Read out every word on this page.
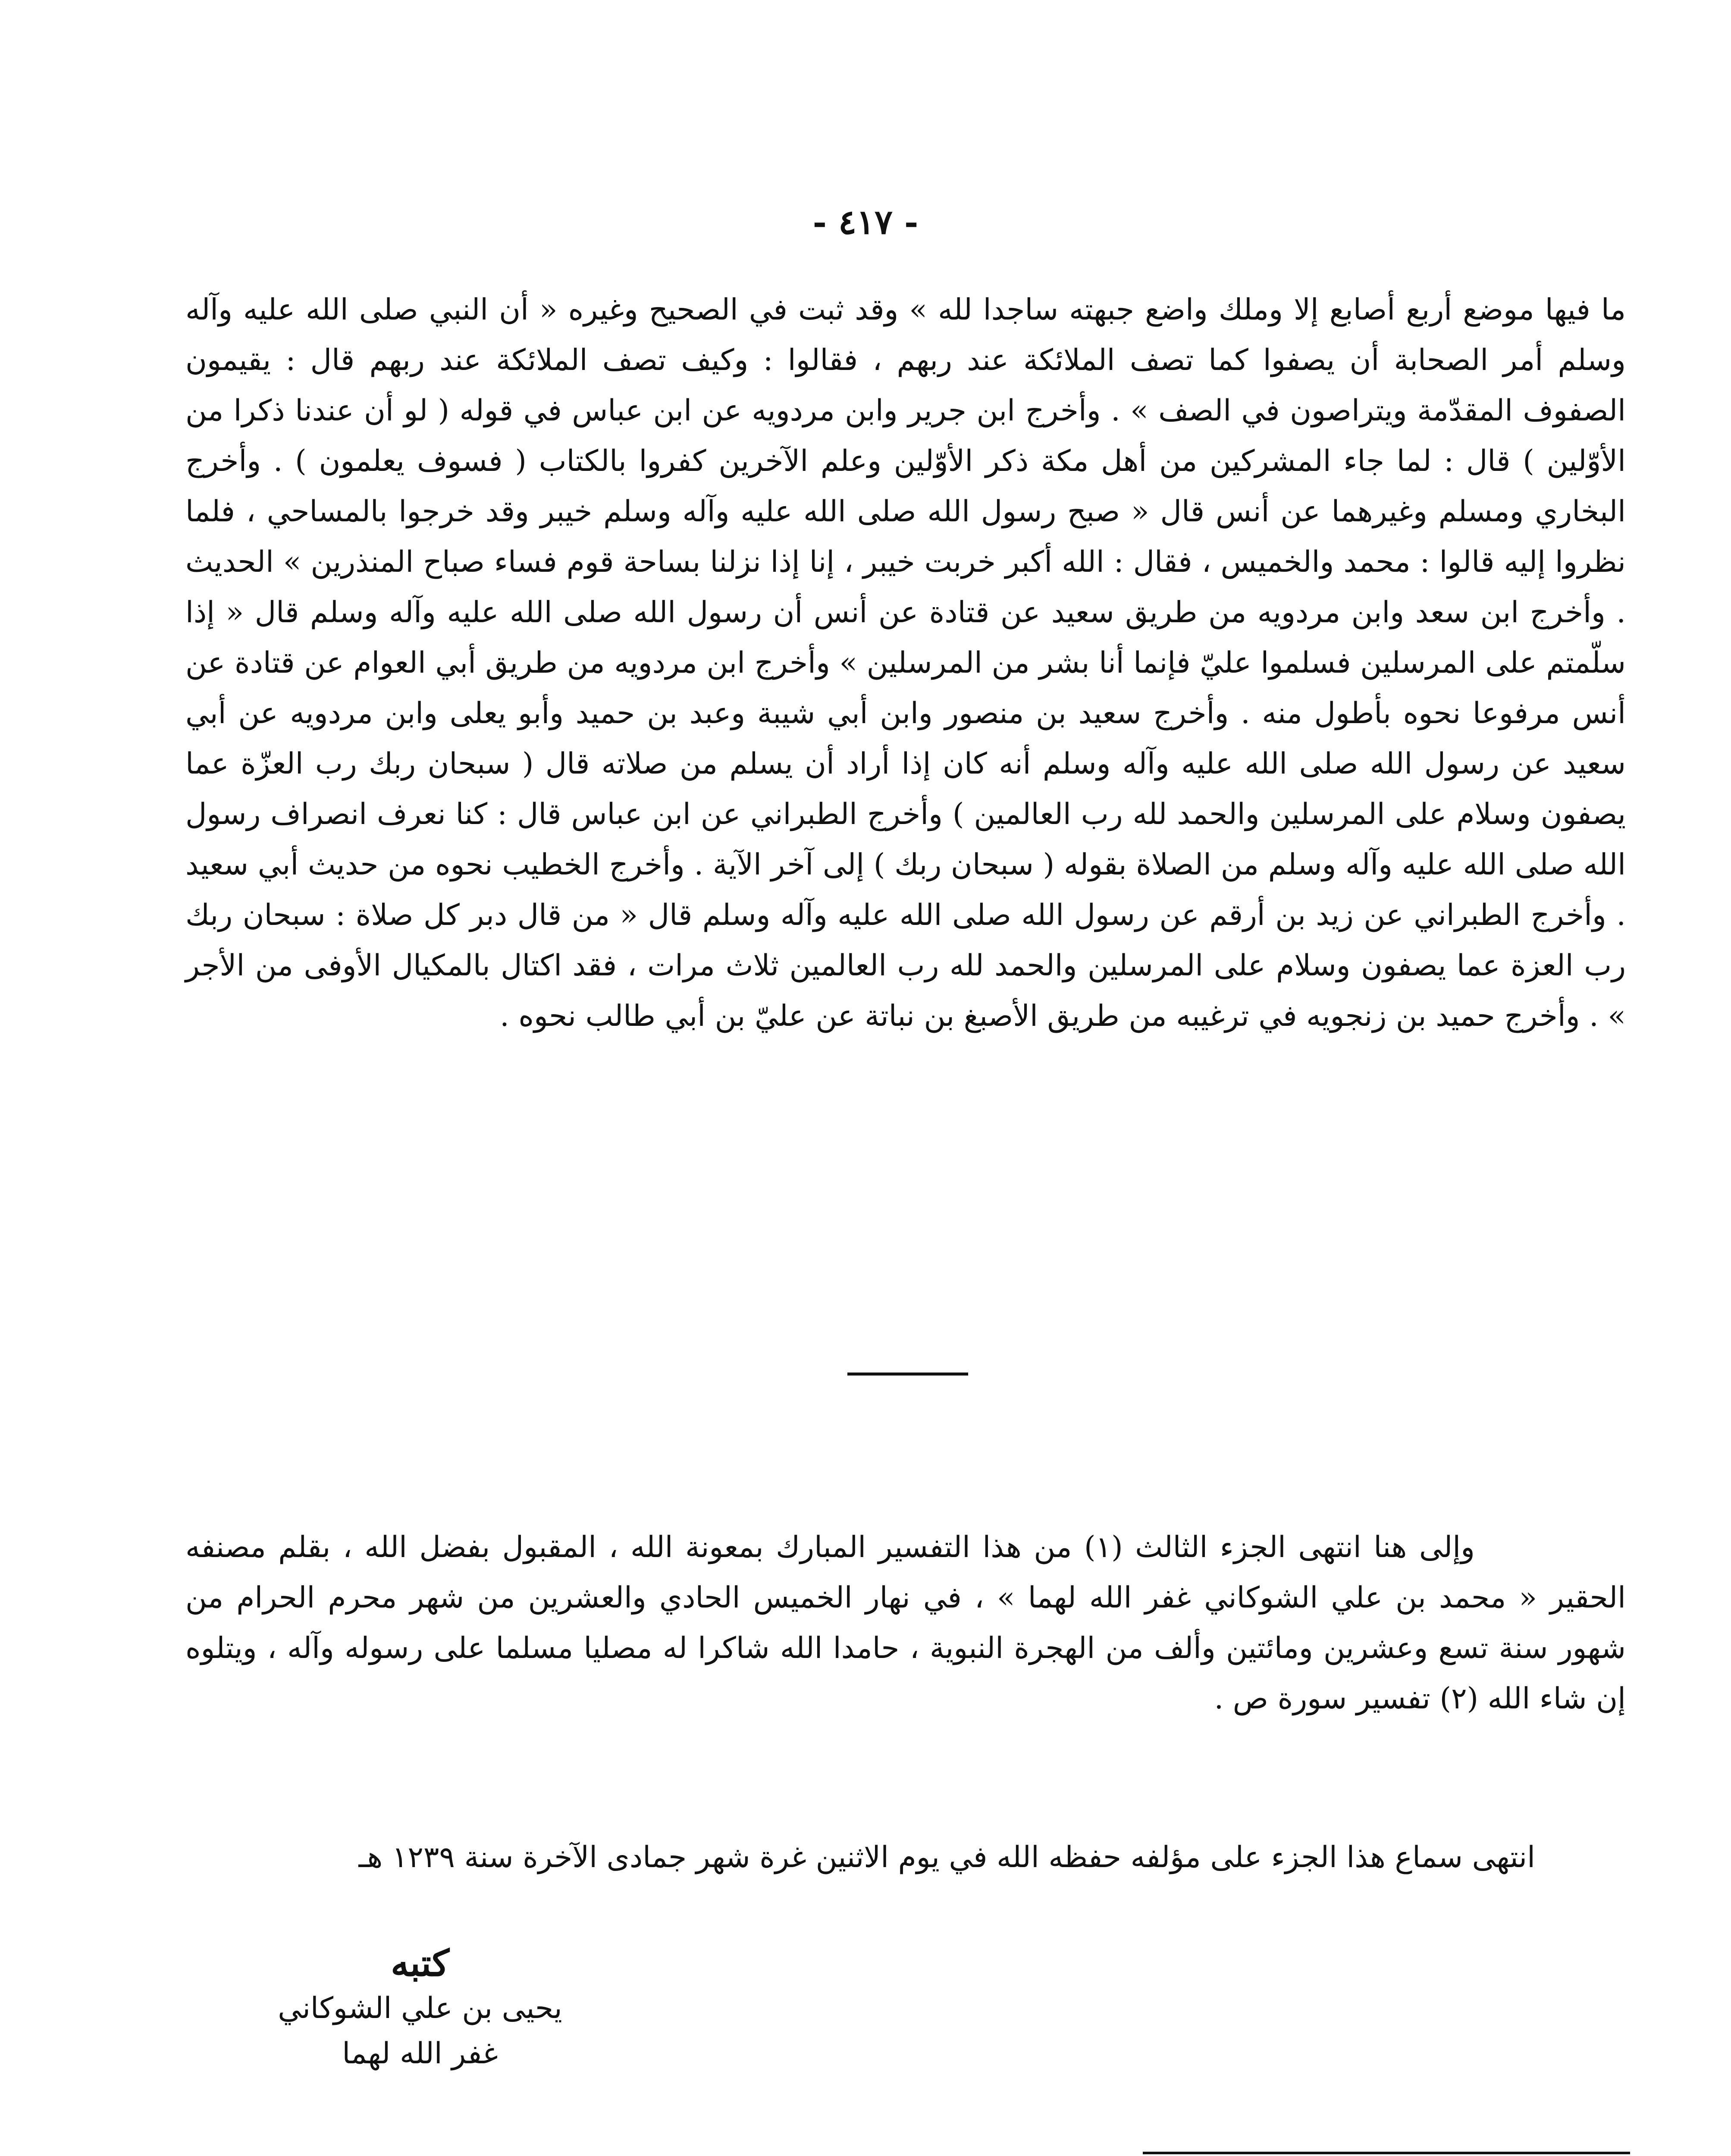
- ٤١٧ -

ما فيها موضع أربع أصابع إلا وملك واضع جبهته ساجدا لله » وقد ثبت في الصحيح وغيره « أن النبي صلى الله عليه وآله وسلم أمر الصحابة أن يصفوا كما تصف الملائكة عند ربهم ، فقالوا : وكيف تصف الملائكة عند ربهم قال : يقيمون الصفوف المقدّمة ويتراصون في الصف » . وأخرج ابن جرير وابن مردويه عن ابن عباس في قوله ( لو أن عندنا ذكرا من الأوّلين ) قال : لما جاء المشركين من أهل مكة ذكر الأوّلين وعلم الآخرين كفروا بالكتاب ( فسوف يعلمون ) . وأخرج البخاري ومسلم وغيرهما عن أنس قال « صبح رسول الله صلى الله عليه وآله وسلم خيبر وقد خرجوا بالمساحي ، فلما نظروا إليه قالوا : محمد والخميس ، فقال : الله أكبر خربت خيبر ، إنا إذا نزلنا بساحة قوم فساء صباح المنذرين » الحديث . وأخرج ابن سعد وابن مردويه من طريق سعيد عن قتادة عن أنس أن رسول الله صلى الله عليه وآله وسلم قال « إذا سلّمتم على المرسلين فسلموا عليّ فإنما أنا بشر من المرسلين » وأخرج ابن مردويه من طريق أبي العوام عن قتادة عن أنس مرفوعا نحوه بأطول منه . وأخرج سعيد بن منصور وابن أبي شيبة وعبد بن حميد وأبو يعلى وابن مردويه عن أبي سعيد عن رسول الله صلى الله عليه وآله وسلم أنه كان إذا أراد أن يسلم من صلاته قال ( سبحان ربك رب العزّة عما يصفون وسلام على المرسلين والحمد لله رب العالمين ) وأخرج الطبراني عن ابن عباس قال : كنا نعرف انصراف رسول الله صلى الله عليه وآله وسلم من الصلاة بقوله ( سبحان ربك ) إلى آخر الآية . وأخرج الخطيب نحوه من حديث أبي سعيد . وأخرج الطبراني عن زيد بن أرقم عن رسول الله صلى الله عليه وآله وسلم قال « من قال دبر كل صلاة : سبحان ربك رب العزة عما يصفون وسلام على المرسلين والحمد لله رب العالمين ثلاث مرات ، فقد اكتال بالمكيال الأوفى من الأجر » . وأخرج حميد بن زنجويه في ترغيبه من طريق الأصبغ بن نباتة عن عليّ بن أبي طالب نحوه .

وإلى هنا انتهى الجزء الثالث (١) من هذا التفسير المبارك بمعونة الله ، المقبول بفضل الله ، بقلم مصنفه الحقير « محمد بن علي الشوكاني غفر الله لهما » ، في نهار الخميس الحادي والعشرين من شهر محرم الحرام من شهور سنة تسع وعشرين ومائتين وألف من الهجرة النبوية ، حامدا الله شاكرا له مصليا مسلما على رسوله وآله ، ويتلوه إن شاء الله (٢) تفسير سورة ص .

انتهى سماع هذا الجزء على مؤلفه حفظه الله في يوم الاثنين غرة شهر جمادى الآخرة سنة ١٢٣٩ هـ

كتبه
يحيى بن علي الشوكاني
غفر الله لهما
